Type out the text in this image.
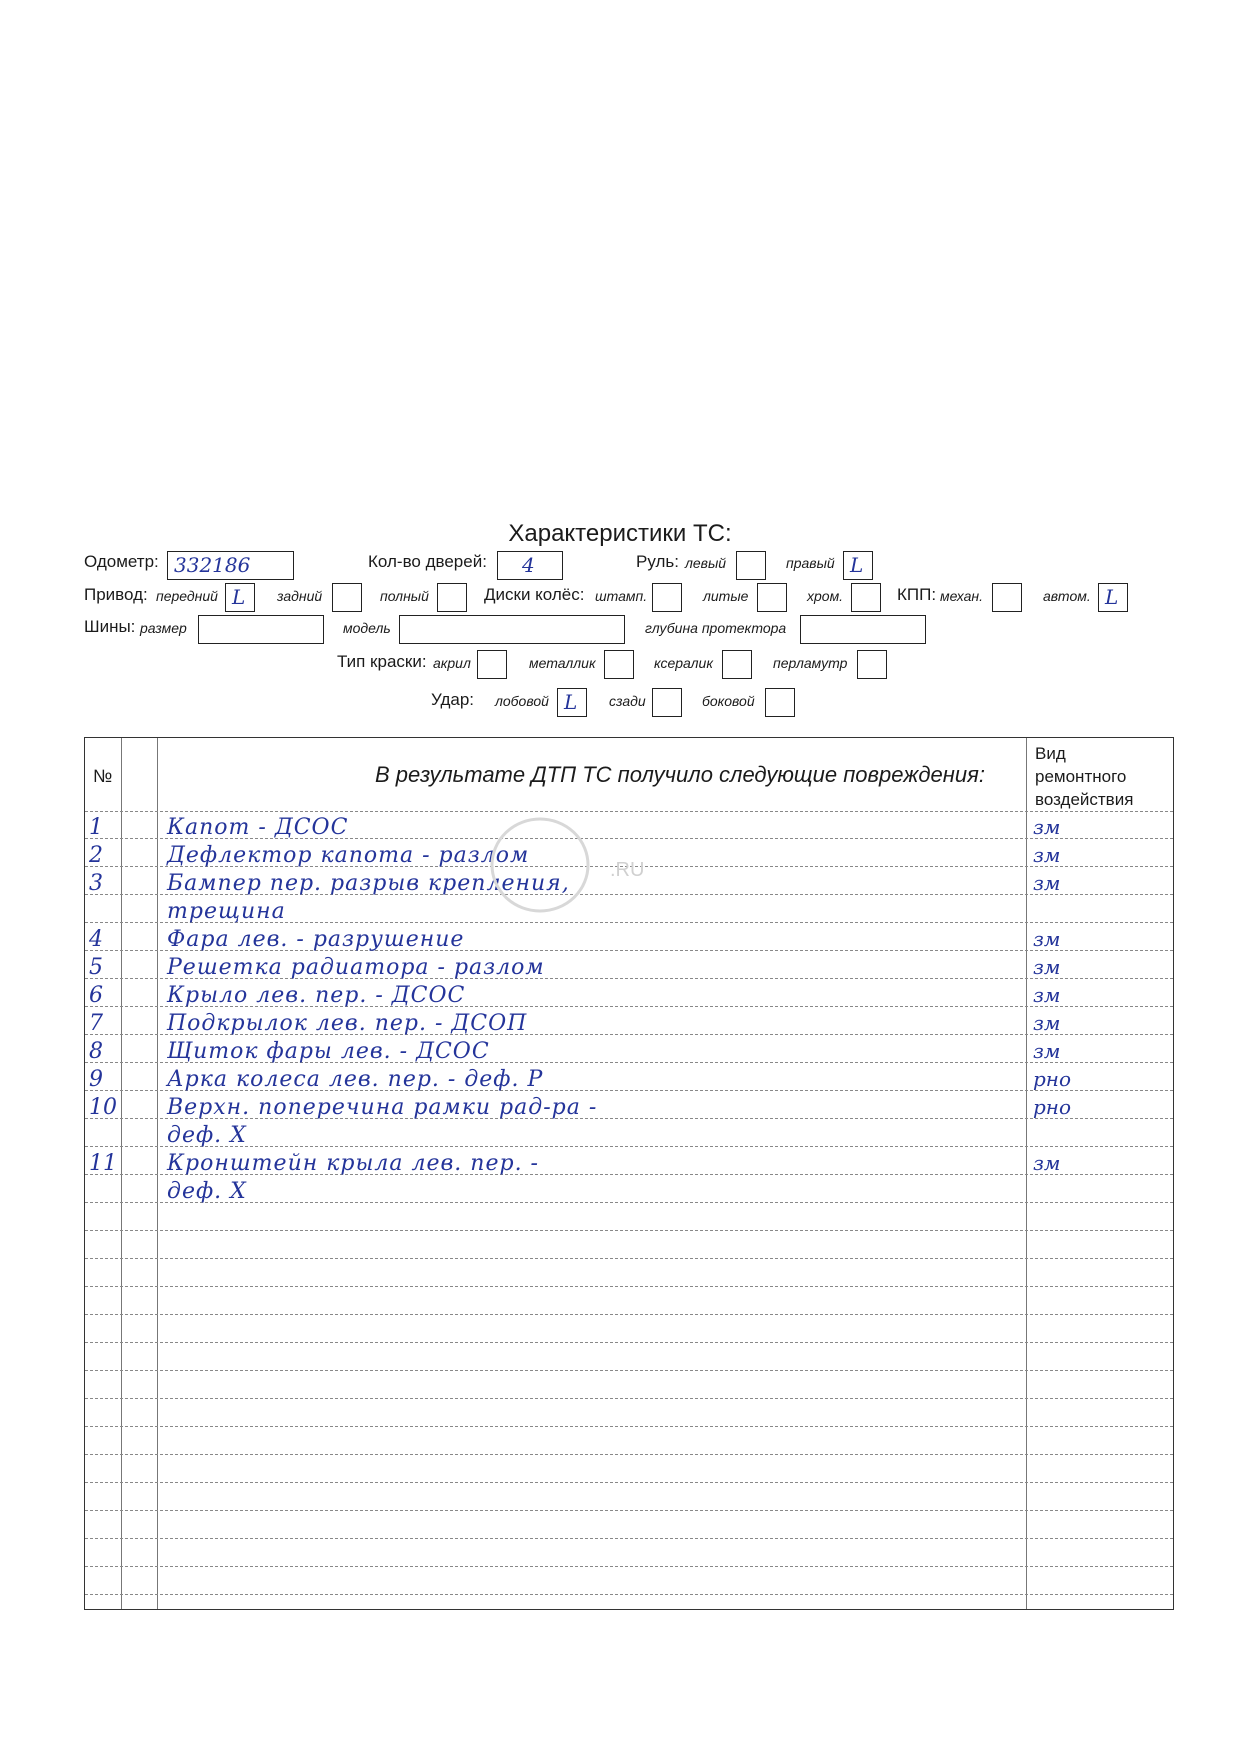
Характеристики ТС:
Одометр: 332186	Кол-во дверей: 4	Руль: левый	правый L
Привод: передний L задний	полный	Диски колёс: штамп.	литые	хром.	КПП: механ.	автом. L
Шины: размер	модель	глубина протектора
Тип краски: акрил	металлик	ксералик	перламутр
Удар: лобовой L сзади	боковой
№	В результате ДТП ТС получило следующие повреждения:
Вид
ремонтного
воздействия
1	Капот - ДСОС	зм
2	Дефлектор капота - разлом	зм
3	Бампер пер. разрыв крепления,	зм
трещина
4	Фара лев. - разрушение	зм
5	Решетка радиатора - разлом	зм
6	Крыло лев. пер. - ДСОС	зм
7	Подкрылок лев. пер. - ДСОП	зм
8	Щиток фары лев. - ДСОС	зм
9	Арка колеса лев. пер. - деф. Р	рно
10	Верхн. поперечина рамки рад-ра -	рно
деф. Х
11	Кронштейн крыла лев. пер. -	зм
деф. Х
.RU
